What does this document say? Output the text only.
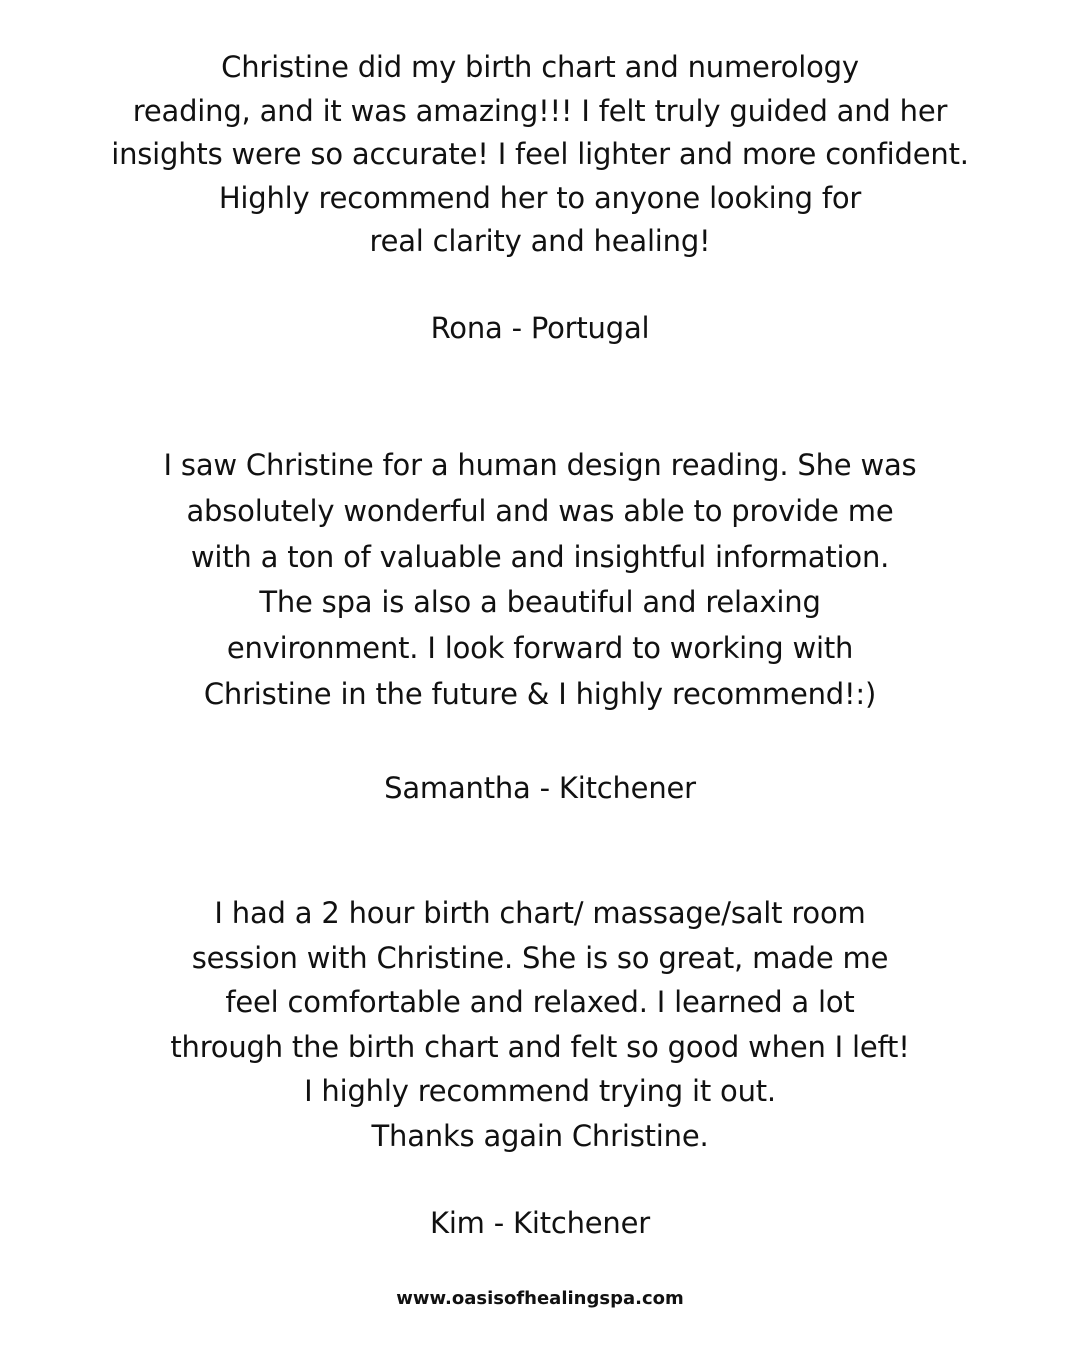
Christine did my birth chart and numerology
reading, and it was amazing!!! I felt truly guided and her
insights were so accurate! I feel lighter and more confident.
Highly recommend her to anyone looking for
real clarity and healing!
Rona - Portugal
I saw Christine for a human design reading. She was
absolutely wonderful and was able to provide me
with a ton of valuable and insightful information.
The spa is also a beautiful and relaxing
environment. I look forward to working with
Christine in the future & I highly recommend!:)
Samantha - Kitchener
I had a 2 hour birth chart/ massage/salt room
session with Christine. She is so great, made me
feel comfortable and relaxed. I learned a lot
through the birth chart and felt so good when I left!
I highly recommend trying it out.
Thanks again Christine.
Kim - Kitchener
www.oasisofhealingspa.com
